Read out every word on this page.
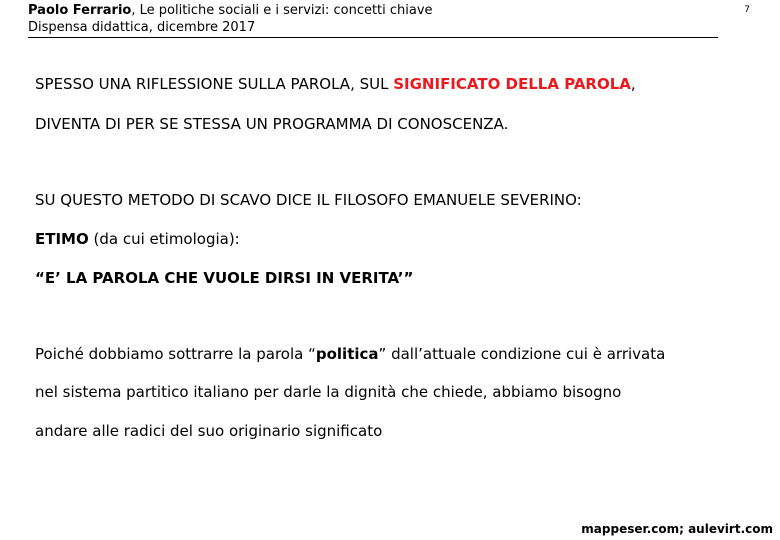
Paolo Ferrario, Le politiche sociali e i servizi: concetti chiave
Dispensa didattica, dicembre 2017
7

SPESSO UNA RIFLESSIONE SULLA PAROLA, SUL SIGNIFICATO DELLA PAROLA,

DIVENTA DI PER SE STESSA UN PROGRAMMA DI CONOSCENZA.

SU QUESTO METODO DI SCAVO DICE IL FILOSOFO EMANUELE SEVERINO:

ETIMO (da cui etimologia):

“E’ LA PAROLA CHE VUOLE DIRSI IN VERITA’”

Poiché dobbiamo sottrarre la parola “politica” dall’attuale condizione cui è arrivata

nel sistema partitico italiano per darle la dignità che chiede, abbiamo bisogno

andare alle radici del suo originario significato

mappeser.com; aulevirt.com
